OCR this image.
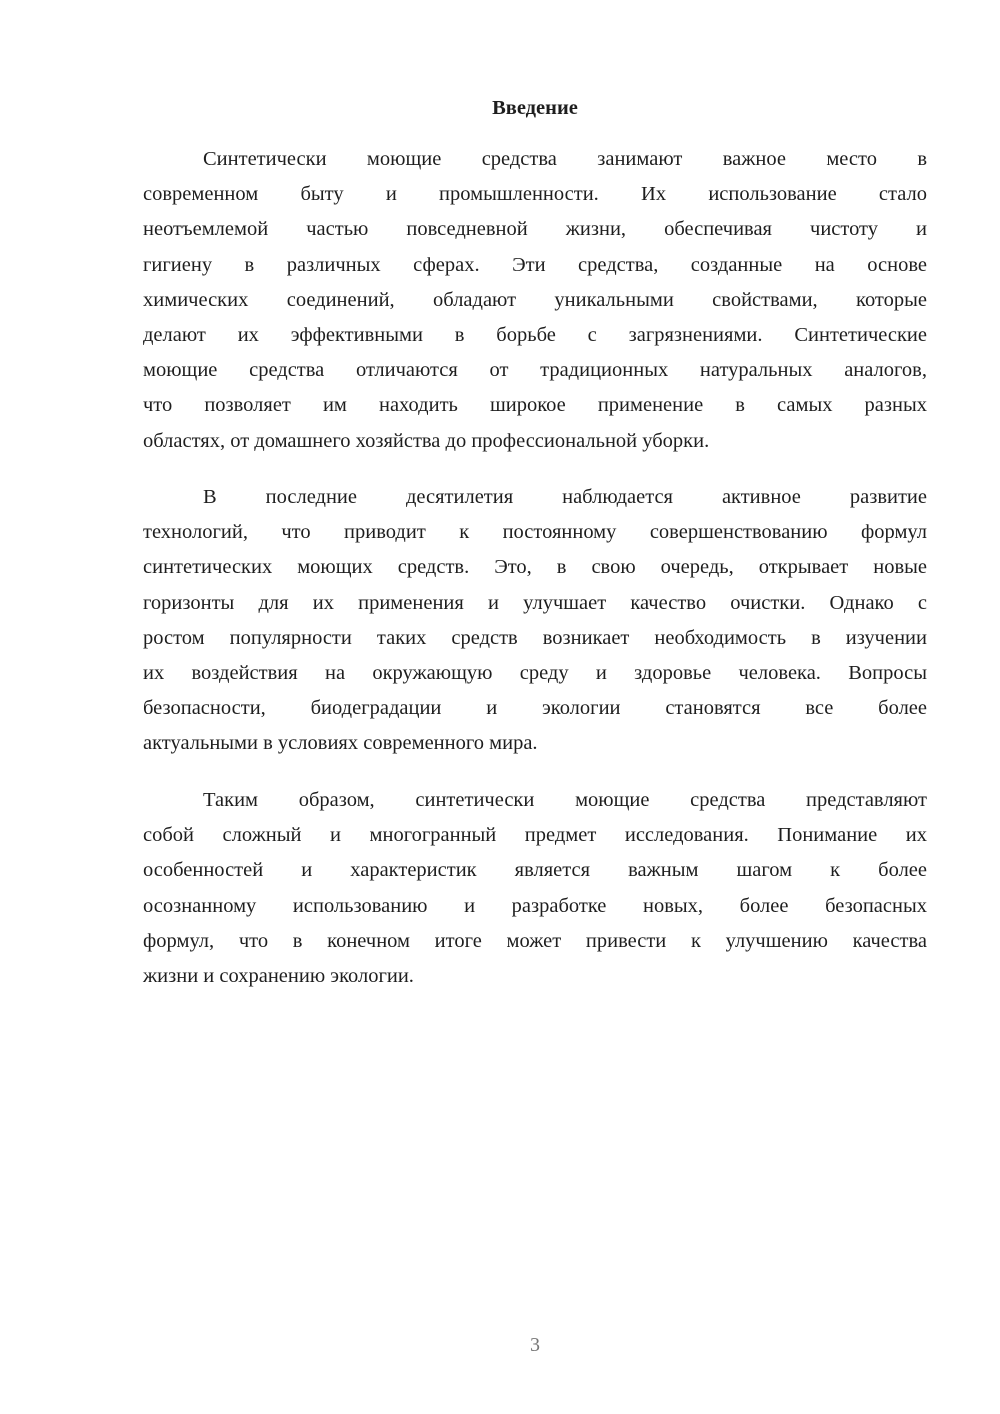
Введение
Синтетически моющие средства занимают важное место в
современном быту и промышленности. Их использование стало
неотъемлемой частью повседневной жизни, обеспечивая чистоту и
гигиену в различных сферах. Эти средства, созданные на основе
химических соединений, обладают уникальными свойствами, которые
делают их эффективными в борьбе с загрязнениями. Синтетические
моющие средства отличаются от традиционных натуральных аналогов,
что позволяет им находить широкое применение в самых разных
областях, от домашнего хозяйства до профессиональной уборки.
В последние десятилетия наблюдается активное развитие
технологий, что приводит к постоянному совершенствованию формул
синтетических моющих средств. Это, в свою очередь, открывает новые
горизонты для их применения и улучшает качество очистки. Однако с
ростом популярности таких средств возникает необходимость в изучении
их воздействия на окружающую среду и здоровье человека. Вопросы
безопасности, биодеградации и экологии становятся все более
актуальными в условиях современного мира.
Таким образом, синтетически моющие средства представляют
собой сложный и многогранный предмет исследования. Понимание их
особенностей и характеристик является важным шагом к более
осознанному использованию и разработке новых, более безопасных
формул, что в конечном итоге может привести к улучшению качества
жизни и сохранению экологии.
3
